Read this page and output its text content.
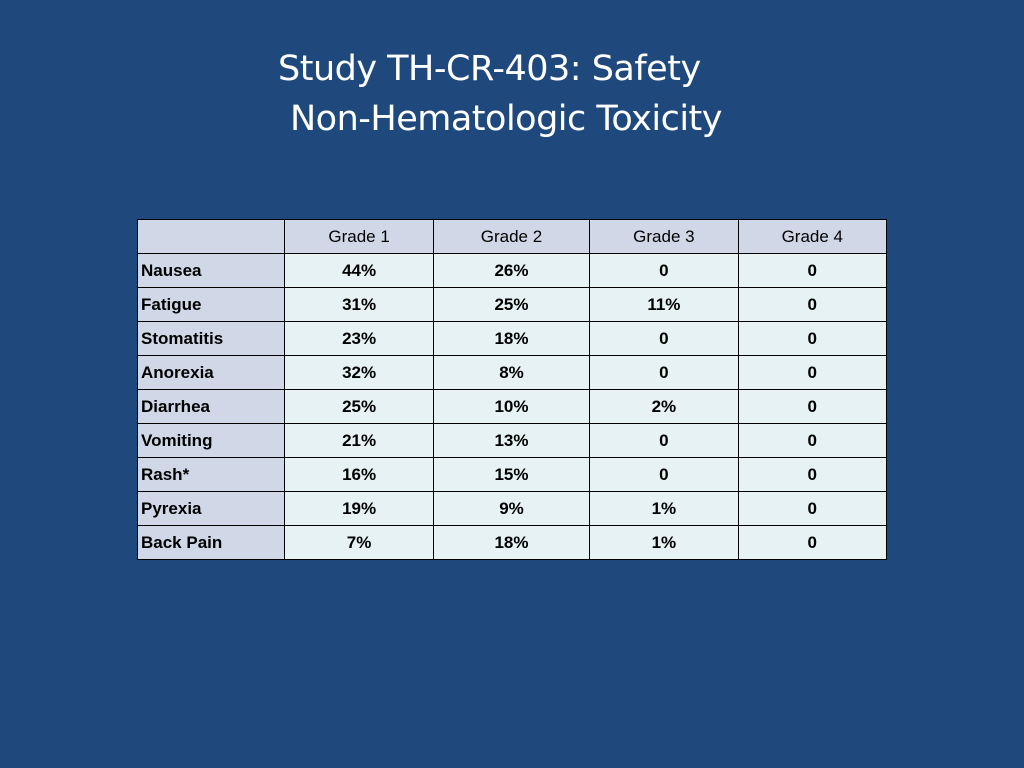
Study TH-CR-403: Safety
Non-Hematologic Toxicity
	Grade 1	Grade 2	Grade 3	Grade 4
Nausea	44%	26%	0	0
Fatigue	31%	25%	11%	0
Stomatitis	23%	18%	0	0
Anorexia	32%	8%	0	0
Diarrhea	25%	10%	2%	0
Vomiting	21%	13%	0	0
Rash*	16%	15%	0	0
Pyrexia	19%	9%	1%	0
Back Pain	7%	18%	1%	0
